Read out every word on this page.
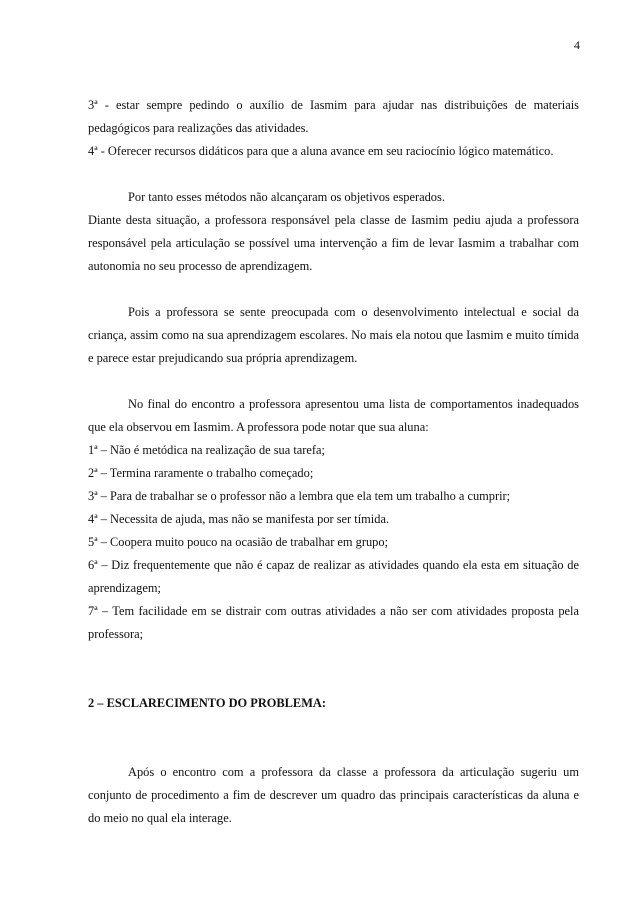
4

3ª - estar sempre pedindo o auxílio de Iasmim para ajudar nas distribuições de materiais pedagógicos para realizações das atividades.

4ª - Oferecer recursos didáticos para que a aluna avance em seu raciocínio lógico matemático.

Por tanto esses métodos não alcançaram os objetivos esperados.

Diante desta situação, a professora responsável pela classe de Iasmim pediu ajuda a professora responsável pela articulação se possível uma intervenção a fim de levar Iasmim a trabalhar com autonomia no seu processo de aprendizagem.

Pois a professora se sente preocupada com o desenvolvimento intelectual e social da criança, assim como na sua aprendizagem escolares. No mais ela notou que Iasmim e muito tímida e parece estar prejudicando sua própria aprendizagem.

No final do encontro a professora apresentou uma lista de comportamentos inadequados que ela observou em Iasmim. A professora pode notar que sua aluna:

1ª – Não é metódica na realização de sua tarefa;

2ª – Termina raramente o trabalho começado;

3ª – Para de trabalhar se o professor não a lembra que ela tem um trabalho a cumprir;

4ª – Necessita de ajuda, mas não se manifesta por ser tímida.

5ª – Coopera muito pouco na ocasião de trabalhar em grupo;

6ª – Diz frequentemente que não é capaz de realizar as atividades quando ela esta em situação de aprendizagem;

7ª – Tem facilidade em se distrair com outras atividades a não ser com atividades proposta pela professora;

2 – ESCLARECIMENTO DO PROBLEMA:

Após o encontro com a professora da classe a professora da articulação sugeriu um conjunto de procedimento a fim de descrever um quadro das principais características da aluna e do meio no qual ela interage.
